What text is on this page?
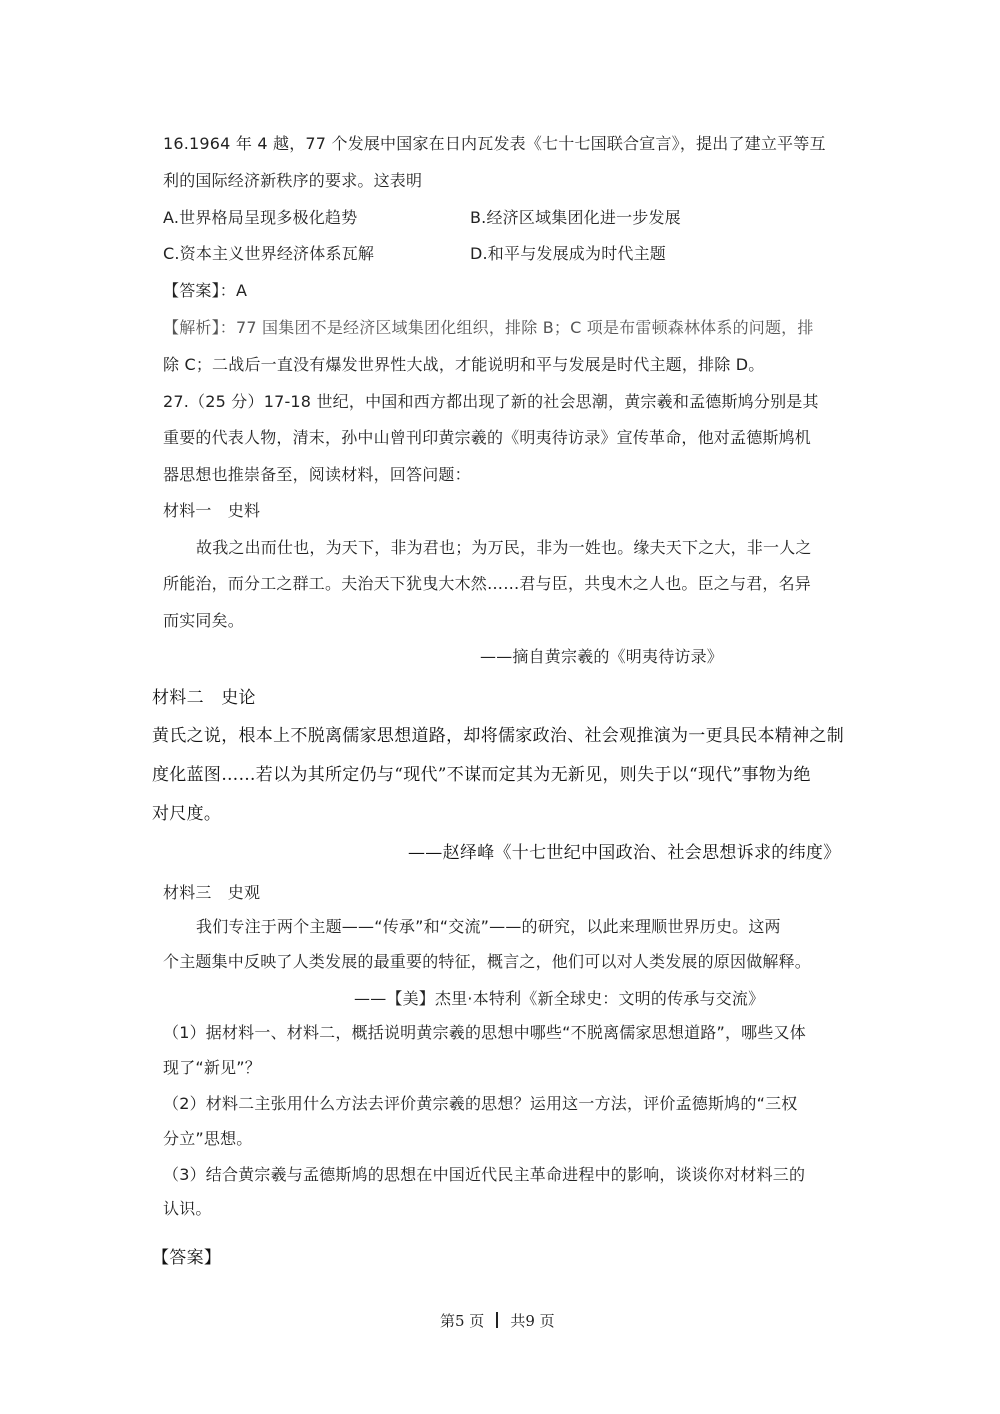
16.1964 年 4 越，77 个发展中国家在日内瓦发表《七十七国联合宣言》，提出了建立平等互
利的国际经济新秩序的要求。这表明
A.世界格局呈现多极化趋势	B.经济区域集团化进一步发展
C.资本主义世界经济体系瓦解	D.和平与发展成为时代主题
【答案】：A
【解析】：77 国集团不是经济区域集团化组织，排除 B；C 项是布雷顿森林体系的问题，排
除 C；二战后一直没有爆发世界性大战，才能说明和平与发展是时代主题，排除 D。
27.（25 分）17-18 世纪，中国和西方都出现了新的社会思潮，黄宗羲和孟德斯鸠分别是其
重要的代表人物，清末，孙中山曾刊印黄宗羲的《明夷待访录》宣传革命，他对孟德斯鸠机
器思想也推崇备至，阅读材料，回答问题：
材料一　史料
故我之出而仕也，为天下，非为君也；为万民，非为一姓也。缘夫天下之大，非一人之
所能治，而分工之群工。夫治天下犹曳大木然……君与臣，共曳木之人也。臣之与君，名异
而实同矣。
——摘自黄宗羲的《明夷待访录》
材料二　史论
黄氏之说，根本上不脱离儒家思想道路，却将儒家政治、社会观推演为一更具民本精神之制
度化蓝图……若以为其所定仍与“现代”不谋而定其为无新见，则失于以“现代”事物为绝
对尺度。
——赵绎峰《十七世纪中国政治、社会思想诉求的纬度》
材料三　史观
我们专注于两个主题——“传承”和“交流”——的研究，以此来理顺世界历史。这两
个主题集中反映了人类发展的最重要的特征，概言之，他们可以对人类发展的原因做解释。
——【美】杰里·本特利《新全球史：文明的传承与交流》
（1）据材料一、材料二，概括说明黄宗羲的思想中哪些“不脱离儒家思想道路”，哪些又体
现了“新见”？
（2）材料二主张用什么方法去评价黄宗羲的思想？运用这一方法，评价孟德斯鸠的“三权
分立”思想。
（3）结合黄宗羲与孟德斯鸠的思想在中国近代民主革命进程中的影响，谈谈你对材料三的
认识。
【答案】
第5 页 共9 页
